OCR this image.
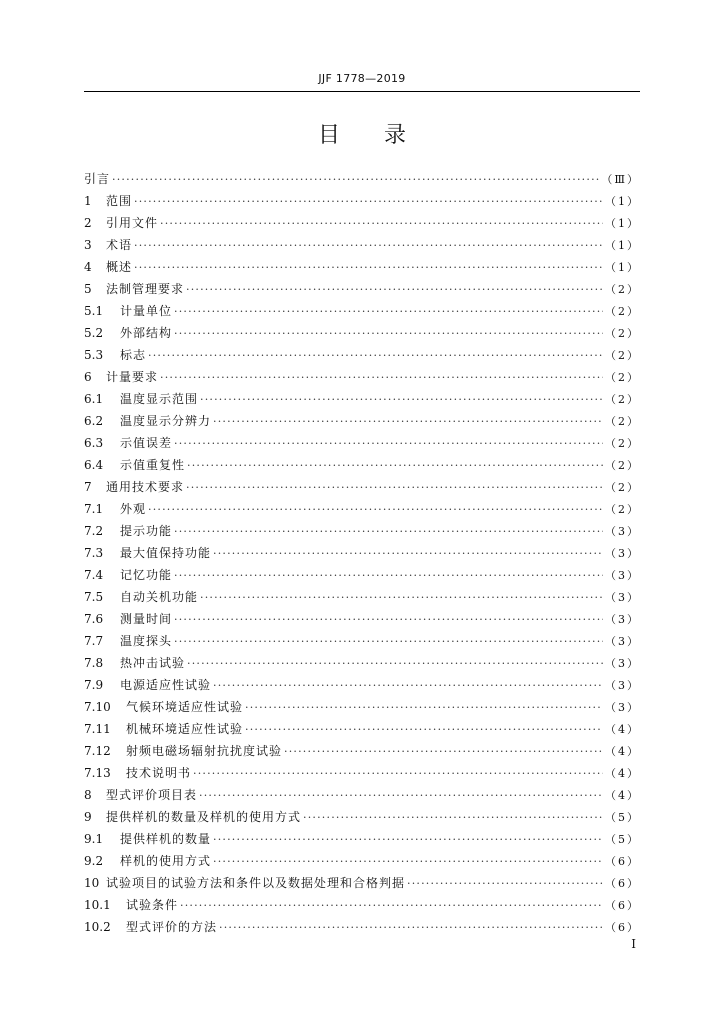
JJF 1778—2019
目 录
引言 ·····	（Ⅲ）
1	范围 ·····	（1）
2	引用文件 ·····	（1）
3	术语 ·····	（1）
4	概述 ·····	（1）
5	法制管理要求 ·····	（2）
5.1	计量单位 ·····	（2）
5.2	外部结构 ·····	（2）
5.3	标志 ·····	（2）
6	计量要求 ·····	（2）
6.1	温度显示范围 ·····	（2）
6.2	温度显示分辨力 ·····	（2）
6.3	示值误差 ·····	（2）
6.4	示值重复性 ·····	（2）
7	通用技术要求 ·····	（2）
7.1	外观 ·····	（2）
7.2	提示功能 ·····	（3）
7.3	最大值保持功能 ·····	（3）
7.4	记忆功能 ·····	（3）
7.5	自动关机功能 ·····	（3）
7.6	测量时间 ·····	（3）
7.7	温度探头 ·····	（3）
7.8	热冲击试验 ·····	（3）
7.9	电源适应性试验 ·····	（3）
7.10	气候环境适应性试验 ·····	（3）
7.11	机械环境适应性试验 ·····	（4）
7.12	射频电磁场辐射抗扰度试验 ·····	（4）
7.13	技术说明书 ·····	（4）
8	型式评价项目表 ·····	（4）
9	提供样机的数量及样机的使用方式 ·····	（5）
9.1	提供样机的数量 ·····	（5）
9.2	样机的使用方式 ·····	（6）
10 试验项目的试验方法和条件以及数据处理和合格判据 ·····	（6）
10.1	试验条件 ·····	（6）
10.2	型式评价的方法 ·····	（6）
Ⅰ
